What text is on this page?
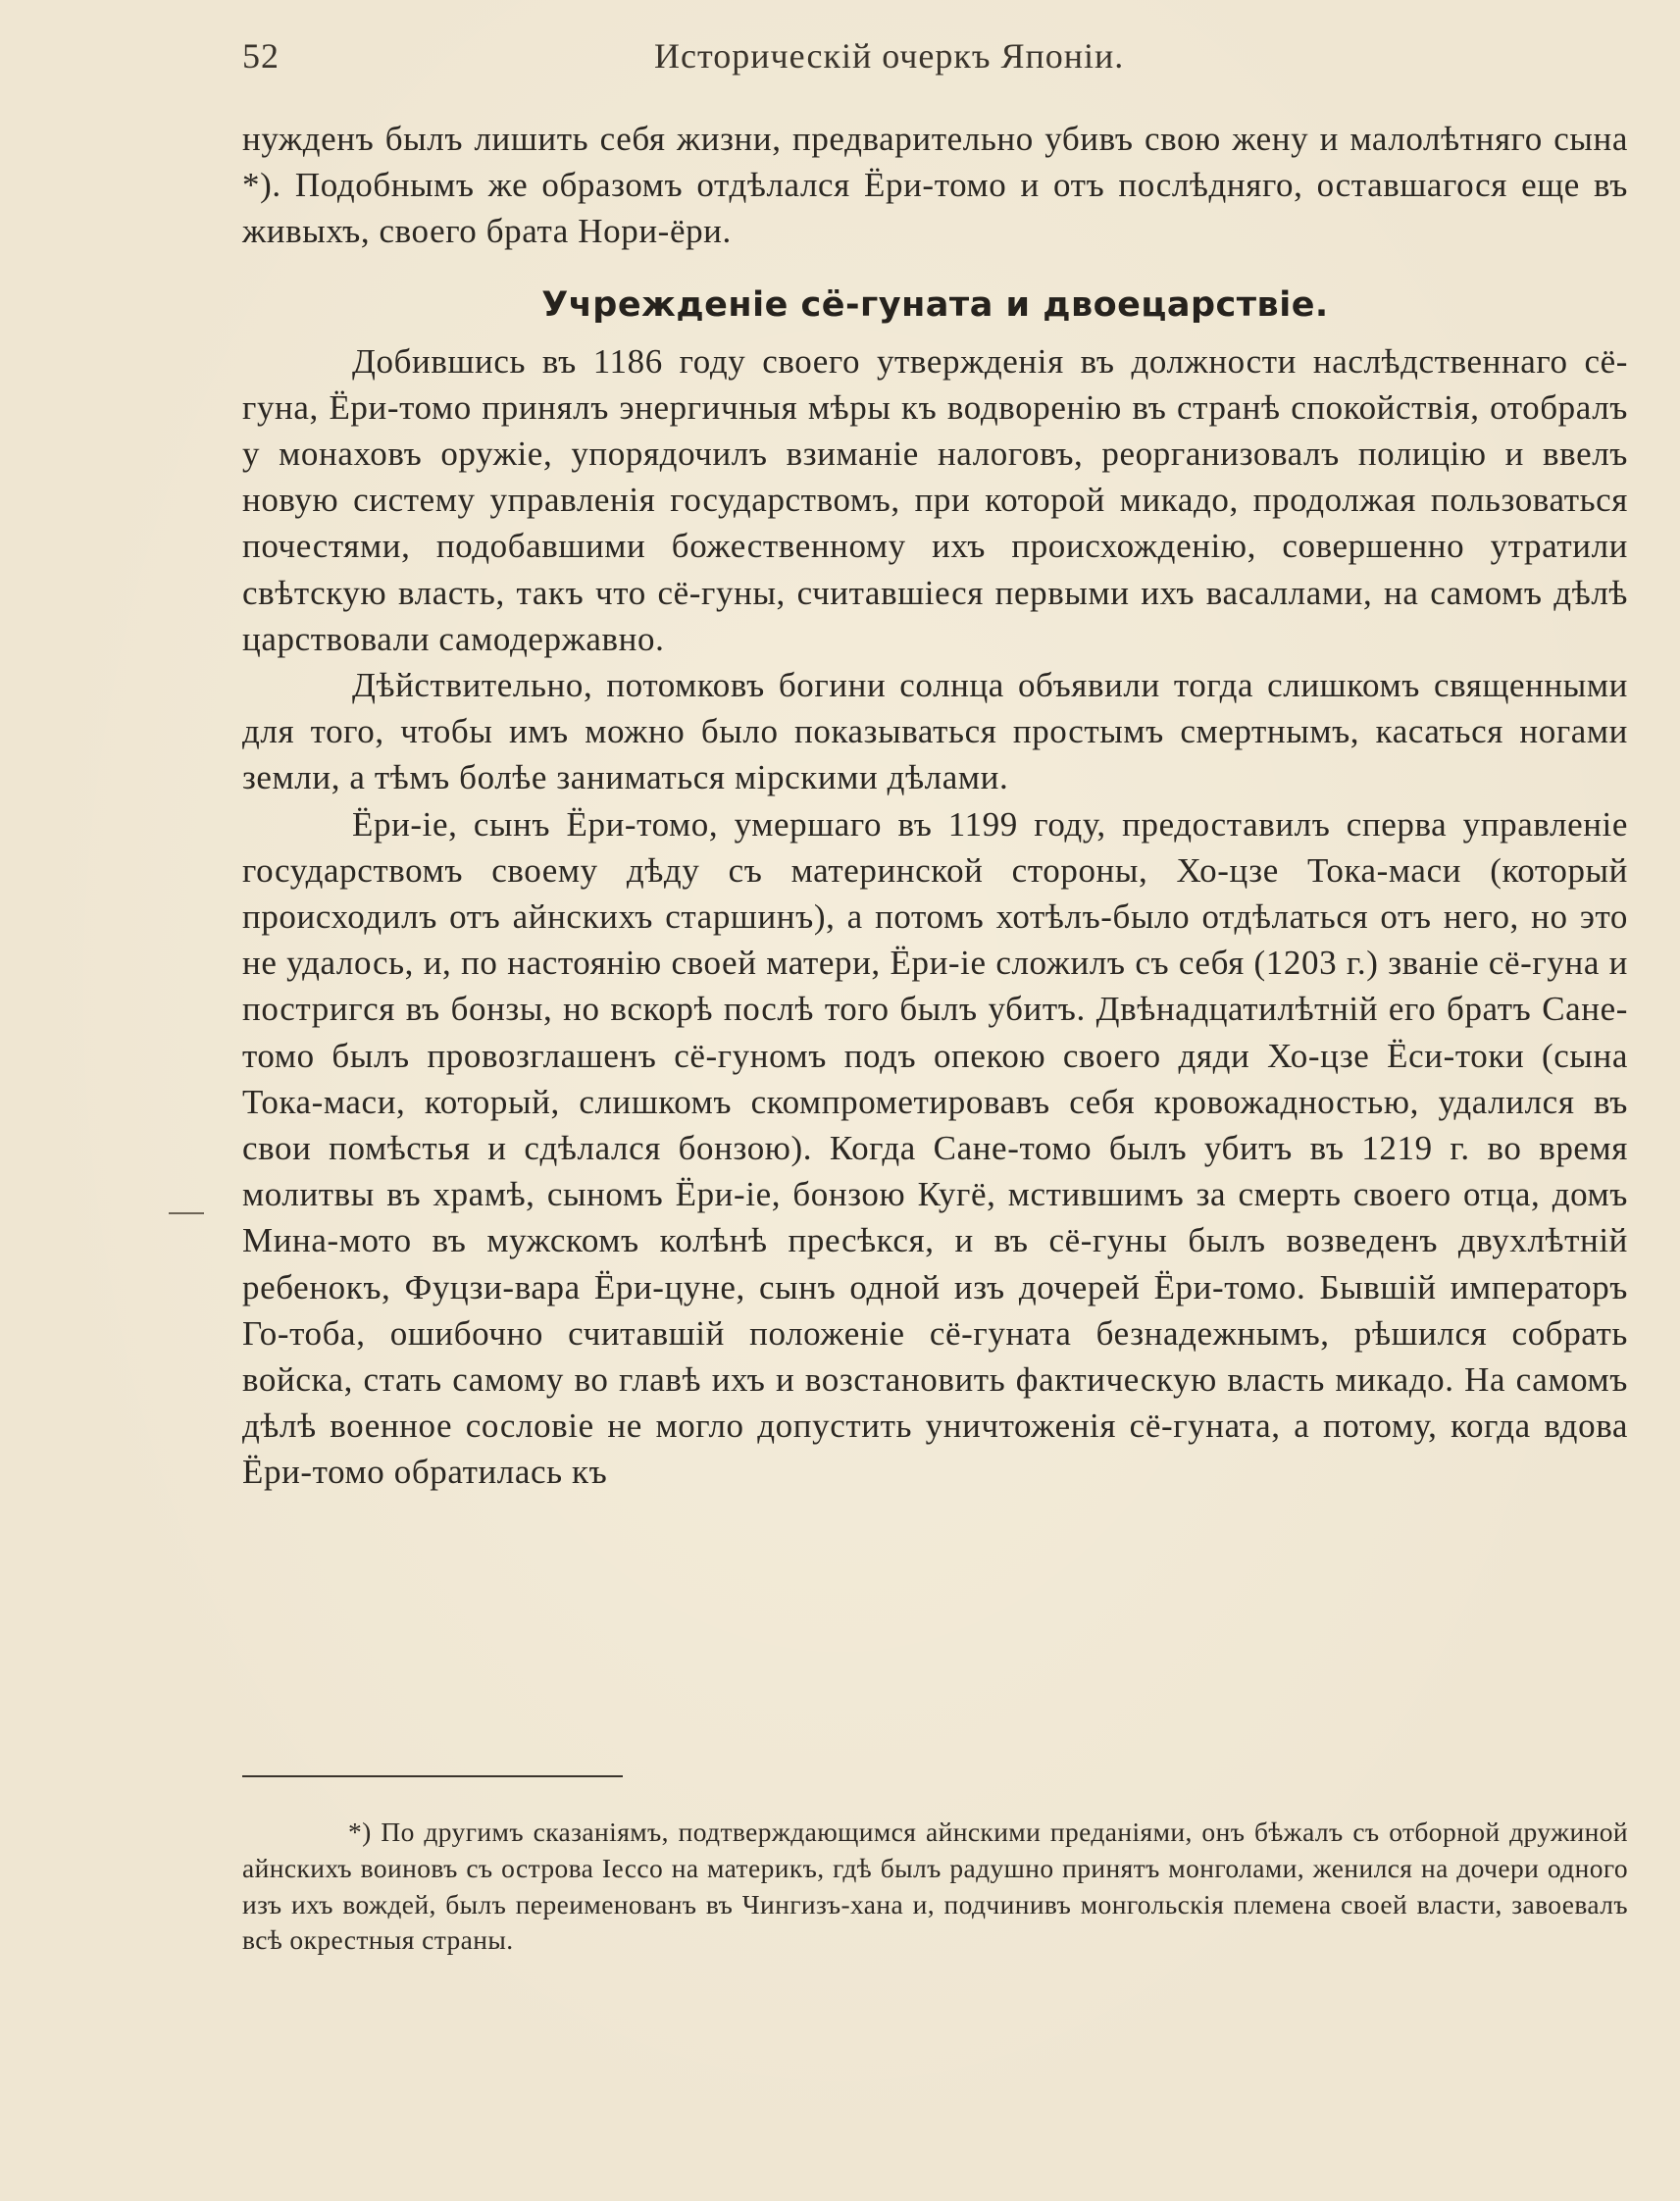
52	Историческій очеркъ Японіи.

нужденъ былъ лишить себя жизни, предварительно убивъ свою жену и малолѣтняго сына *). Подобнымъ же образомъ отдѣлался Ёри-томо и отъ послѣдняго, оставшагося еще въ живыхъ, своего брата Нори-ёри.

Учрежденіе сё-гуната и двоецарствіе.

Добившись въ 1186 году своего утвержденія въ должности наслѣдственнаго сё-гуна, Ёри-томо принялъ энергичныя мѣры къ водворенію въ странѣ спокойствія, отобралъ у монаховъ оружіе, упорядочилъ взиманіе налоговъ, реорганизовалъ полицію и ввелъ новую систему управленія государствомъ, при которой микадо, продолжая пользоваться почестями, подобавшими божественному ихъ происхожденію, совершенно утратили свѣтскую власть, такъ что сё-гуны, считавшіеся первыми ихъ васаллами, на самомъ дѣлѣ царствовали самодержавно.

Дѣйствительно, потомковъ богини солнца объявили тогда слишкомъ священными для того, чтобы имъ можно было показываться простымъ смертнымъ, касаться ногами земли, а тѣмъ болѣе заниматься мірскими дѣлами.

Ёри-іе, сынъ Ёри-томо, умершаго въ 1199 году, предоставилъ сперва управленіе государствомъ своему дѣду съ материнской стороны, Хо-цзе Тока-маси (который происходилъ отъ айнскихъ старшинъ), а потомъ хотѣлъ-было отдѣлаться отъ него, но это не удалось, и, по настоянію своей матери, Ёри-іе сложилъ съ себя (1203 г.) званіе сё-гуна и постригся въ бонзы, но вскорѣ послѣ того былъ убитъ. Двѣнадцатилѣтній его братъ Сане-томо былъ провозглашенъ сё-гуномъ подъ опекою своего дяди Хо-цзе Ёси-токи (сына Тока-маси, который, слишкомъ скомпрометировавъ себя кровожадностью, удалился въ свои помѣстья и сдѣлался бонзою). Когда Сане-томо былъ убитъ въ 1219 г. во время молитвы въ храмѣ, сыномъ Ёри-іе, бонзою Кугё, мстившимъ за смерть своего отца, домъ Мина-мото въ мужскомъ колѣнѣ пресѣкся, и въ сё-гуны былъ возведенъ двухлѣтній ребенокъ, Фуцзи-вара Ёри-цуне, сынъ одной изъ дочерей Ёри-томо. Бывшій императоръ Го-тоба, ошибочно считавшій положеніе сё-гуната безнадежнымъ, рѣшился собрать войска, стать самому во главѣ ихъ и возстановить фактическую власть микадо. На самомъ дѣлѣ военное сословіе не могло допустить уничтоженія сё-гуната, а потому, когда вдова Ёри-томо обратилась къ

*) По другимъ сказаніямъ, подтверждающимся айнскими преданіями, онъ бѣжалъ съ отборной дружиной айнскихъ воиновъ съ острова Іессо на материкъ, гдѣ былъ радушно принятъ монголами, женился на дочери одного изъ ихъ вождей, былъ переименованъ въ Чингизъ-хана и, подчинивъ монгольскія племена своей власти, завоевалъ всѣ окрестныя страны.
